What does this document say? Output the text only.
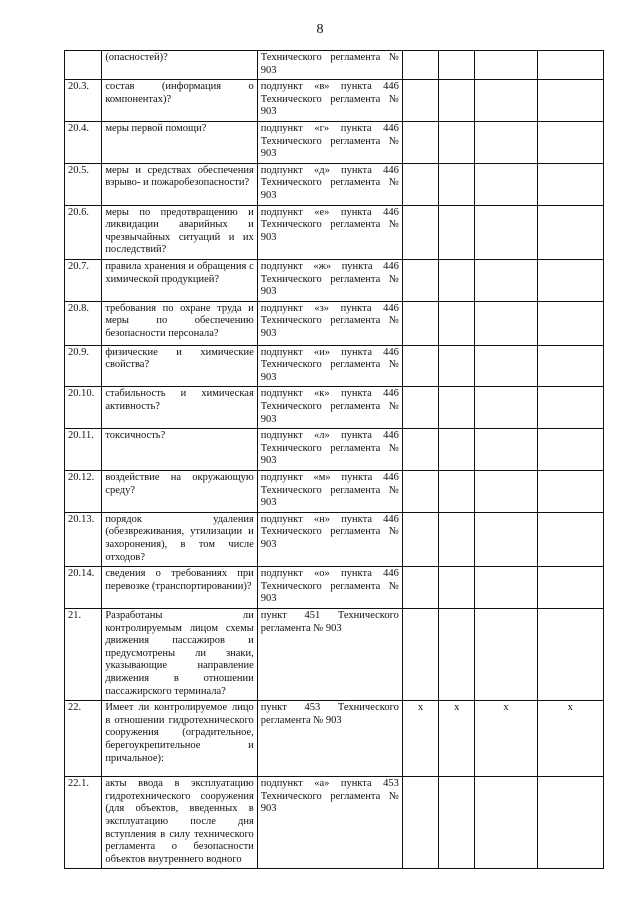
8
	(опасностей)?	Технического регламента № 903				
20.3.	состав (информация о компонентах)?	подпункт «в» пункта 446 Технического регламента № 903				
20.4.	меры первой помощи?	подпункт «г» пункта 446 Технического регламента № 903				
20.5.	меры и средствах обеспечения взрыво- и пожаробезопасности?	подпункт «д» пункта 446 Технического регламента № 903				
20.6.	меры по предотвращению и ликвидации аварийных и чрезвычайных ситуаций и их последствий?	подпункт «е» пункта 446 Технического регламента № 903				
20.7.	правила хранения и обращения с химической продукцией?	подпункт «ж» пункта 446 Технического регламента № 903				
20.8.	требования по охране труда и меры по обеспечению безопасности персонала?	подпункт «з» пункта 446 Технического регламента № 903				
20.9.	физические и химические свойства?	подпункт «и» пункта 446 Технического регламента № 903				
20.10.	стабильность и химическая активность?	подпункт «к» пункта 446 Технического регламента № 903				
20.11.	токсичность?	подпункт «л» пункта 446 Технического регламента № 903				
20.12.	воздействие на окружающую среду?	подпункт «м» пункта 446 Технического регламента № 903				
20.13.	порядок удаления (обезвреживания, утилизации и захоронения), в том числе отходов?	подпункт «н» пункта 446 Технического регламента № 903				
20.14.	сведения о требованиях при перевозке (транспортировании)?	подпункт «о» пункта 446 Технического регламента № 903				
21.	Разработаны ли контролируемым лицом схемы движения пассажиров и предусмотрены ли знаки, указывающие направление движения в отношении пассажирского терминала?	пункт 451 Технического регламента № 903				
22.	Имеет ли контролируемое лицо в отношении гидротехнического сооружения (оградительное, берегоукрепительное и причальное):	пункт 453 Технического регламента № 903	x	x	x	x
22.1.	акты ввода в эксплуатацию гидротехнического сооружения (для объектов, введенных в эксплуатацию после дня вступления в силу технического регламента о безопасности объектов внутреннего водного	подпункт «а» пункта 453 Технического регламента № 903				
